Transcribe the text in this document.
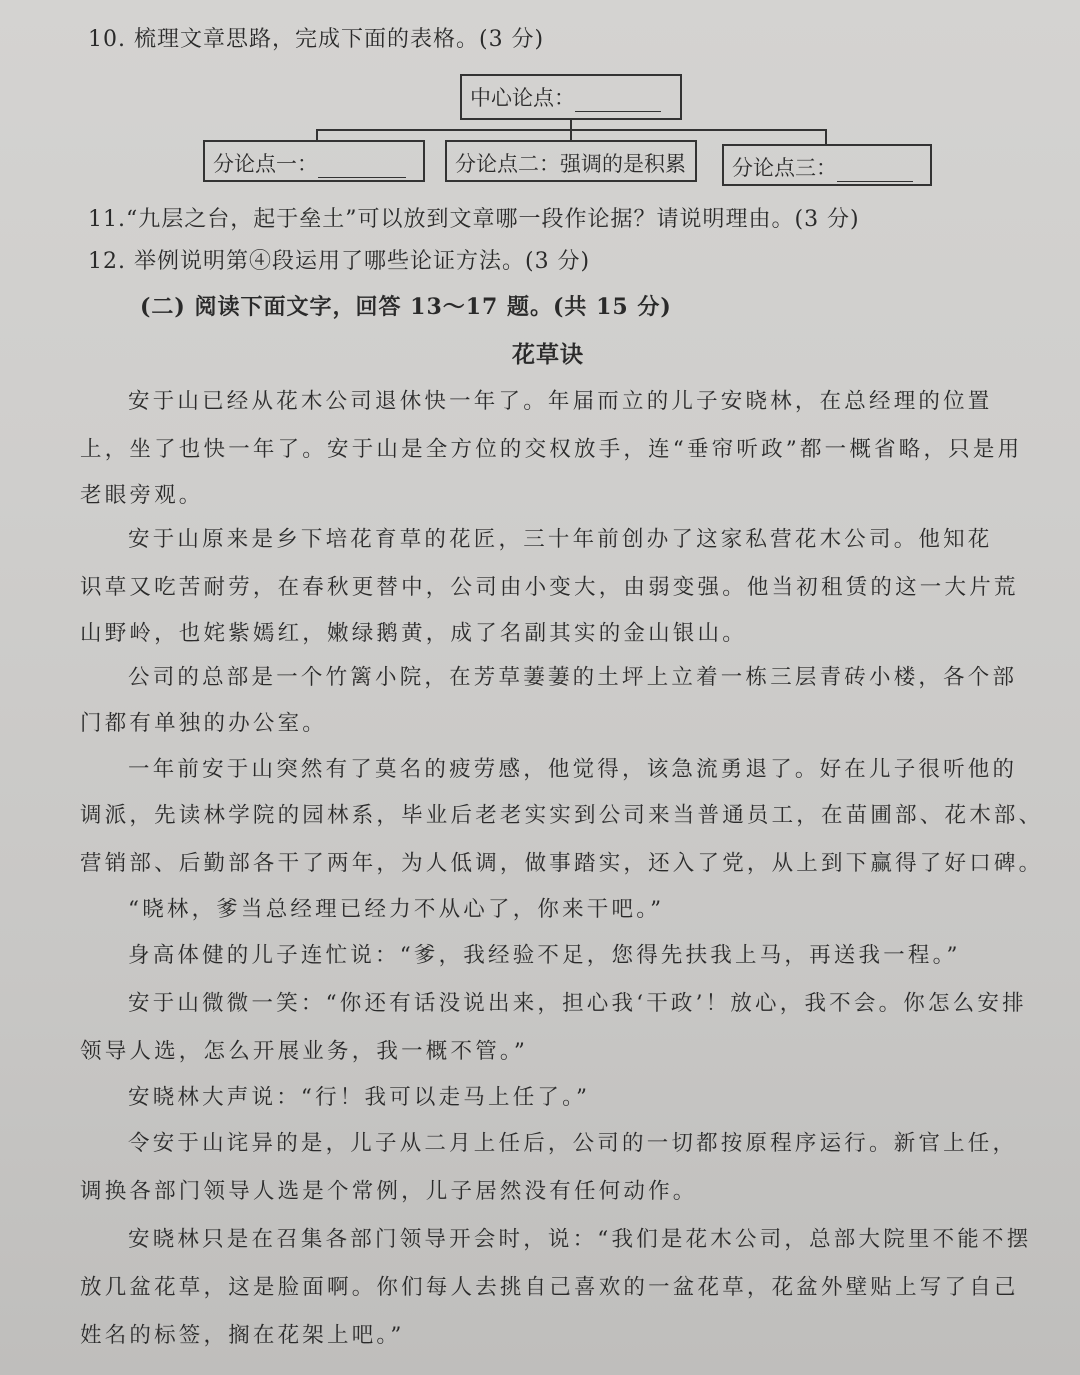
10. 梳理文章思路，完成下面的表格。(3 分)
中心论点：
分论点一：	分论点二：强调的是积累	分论点三：
11.“九层之台，起于垒土”可以放到文章哪一段作论据？请说明理由。(3 分)
12. 举例说明第④段运用了哪些论证方法。(3 分)
(二) 阅读下面文字，回答 13～17 题。(共 15 分)
花草诀
安于山已经从花木公司退休快一年了。年届而立的儿子安晓林，在总经理的位置
上，坐了也快一年了。安于山是全方位的交权放手，连“垂帘听政”都一概省略，只是用
老眼旁观。
安于山原来是乡下培花育草的花匠，三十年前创办了这家私营花木公司。他知花
识草又吃苦耐劳，在春秋更替中，公司由小变大，由弱变强。他当初租赁的这一大片荒
山野岭，也姹紫嫣红，嫩绿鹅黄，成了名副其实的金山银山。
公司的总部是一个竹篱小院，在芳草萋萋的土坪上立着一栋三层青砖小楼，各个部
门都有单独的办公室。
一年前安于山突然有了莫名的疲劳感，他觉得，该急流勇退了。好在儿子很听他的
调派，先读林学院的园林系，毕业后老老实实到公司来当普通员工，在苗圃部、花木部、
营销部、后勤部各干了两年，为人低调，做事踏实，还入了党，从上到下赢得了好口碑。
“晓林，爹当总经理已经力不从心了，你来干吧。”
身高体健的儿子连忙说：“爹，我经验不足，您得先扶我上马，再送我一程。”
安于山微微一笑：“你还有话没说出来，担心我‘干政’！放心，我不会。你怎么安排
领导人选，怎么开展业务，我一概不管。”
安晓林大声说：“行！我可以走马上任了。”
令安于山诧异的是，儿子从二月上任后，公司的一切都按原程序运行。新官上任，
调换各部门领导人选是个常例，儿子居然没有任何动作。
安晓林只是在召集各部门领导开会时，说：“我们是花木公司，总部大院里不能不摆
放几盆花草，这是脸面啊。你们每人去挑自己喜欢的一盆花草，花盆外壁贴上写了自己
姓名的标签，搁在花架上吧。”
